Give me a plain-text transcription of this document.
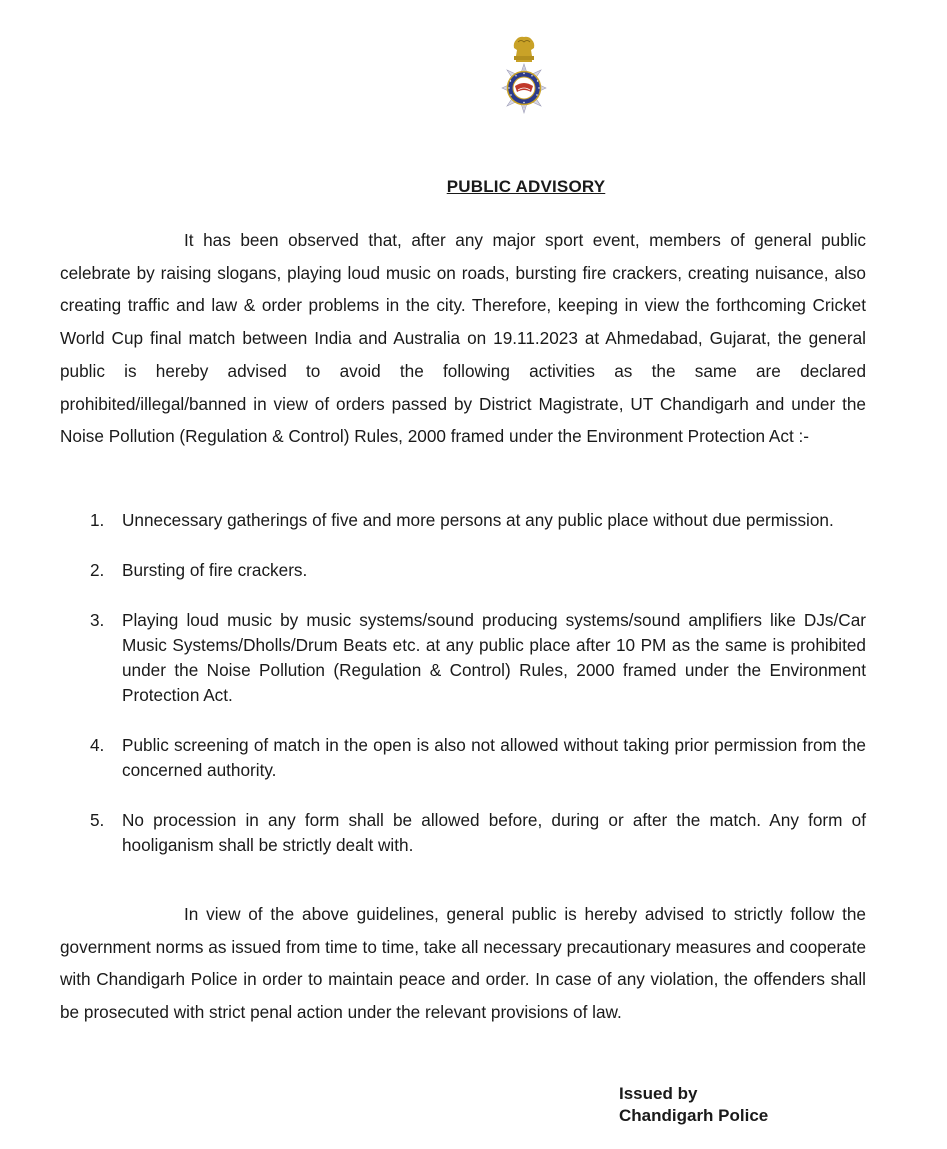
PUBLIC ADVISORY

It has been observed that, after any major sport event, members of general public celebrate by raising slogans, playing loud music on roads, bursting fire crackers, creating nuisance, also creating traffic and law & order problems in the city. Therefore, keeping in view the forthcoming Cricket World Cup final match between India and Australia on 19.11.2023 at Ahmedabad, Gujarat, the general public is hereby advised to avoid the following activities as the same are declared prohibited/illegal/banned in view of orders passed by District Magistrate, UT Chandigarh and under the Noise Pollution (Regulation & Control) Rules, 2000 framed under the Environment Protection Act :-

1. Unnecessary gatherings of five and more persons at any public place without due permission.
2. Bursting of fire crackers.
3. Playing loud music by music systems/sound producing systems/sound amplifiers like DJs/Car Music Systems/Dholls/Drum Beats etc. at any public place after 10 PM as the same is prohibited under the Noise Pollution (Regulation & Control) Rules, 2000 framed under the Environment Protection Act.
4. Public screening of match in the open is also not allowed without taking prior permission from the concerned authority.
5. No procession in any form shall be allowed before, during or after the match. Any form of hooliganism shall be strictly dealt with.

In view of the above guidelines, general public is hereby advised to strictly follow the government norms as issued from time to time, take all necessary precautionary measures and cooperate with Chandigarh Police in order to maintain peace and order. In case of any violation, the offenders shall be prosecuted with strict penal action under the relevant provisions of law.

Issued by
Chandigarh Police
